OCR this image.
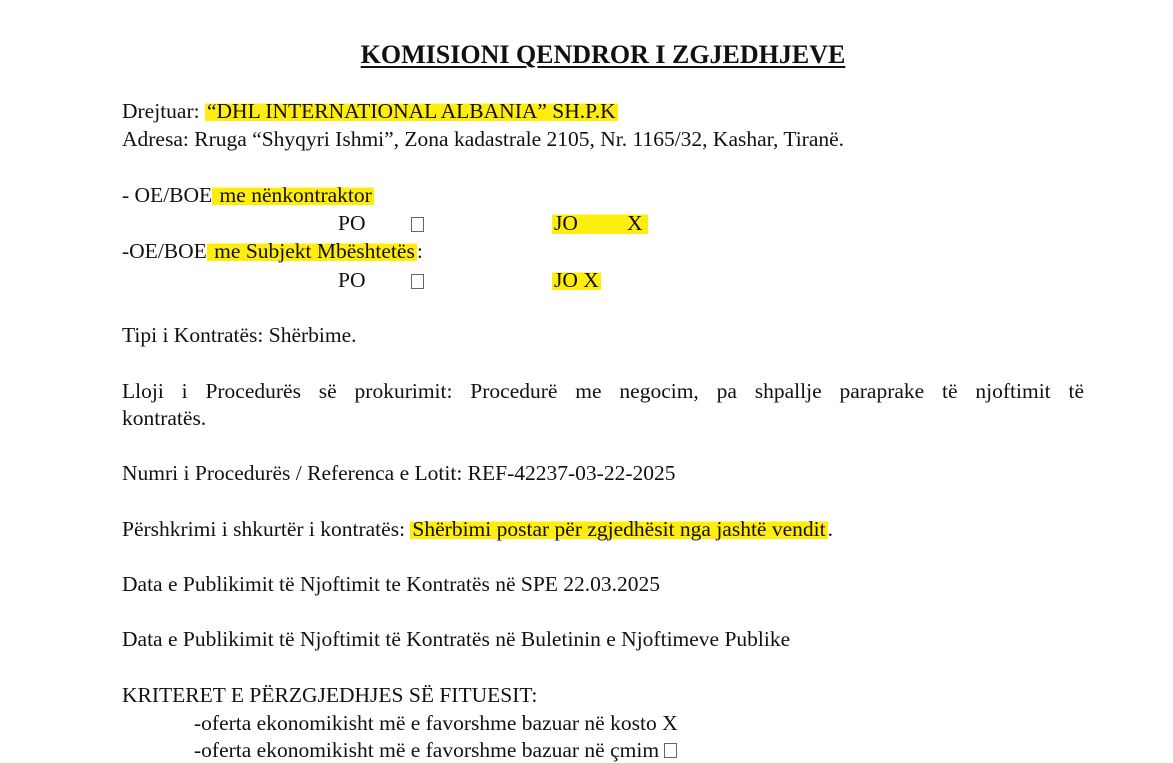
KOMISIONI QENDROR I ZGJEDHJEVE
Drejtuar: “DHL INTERNATIONAL ALBANIA” SH.P.K
Adresa: Rruga “Shyqyri Ishmi”, Zona kadastrale 2105, Nr. 1165/32, Kashar, Tiranë.
- OE/BOE me nënkontraktor
PO	JO X
-OE/BOE me Subjekt Mbështetës:
PO	JO X
Tipi i Kontratës: Shërbime.
Lloji i Procedurës së prokurimit: Procedurë me negocim, pa shpallje paraprake të njoftimit të
kontratës.
Numri i Procedurës / Referenca e Lotit: REF-42237-03-22-2025
Përshkrimi i shkurtër i kontratës: Shërbimi postar për zgjedhësit nga jashtë vendit.
Data e Publikimit të Njoftimit te Kontratës në SPE 22.03.2025
Data e Publikimit të Njoftimit të Kontratës në Buletinin e Njoftimeve Publike
KRITERET E PËRZGJEDHJES SË FITUESIT:
-oferta ekonomikisht më e favorshme bazuar në kosto X
-oferta ekonomikisht më e favorshme bazuar në çmim
